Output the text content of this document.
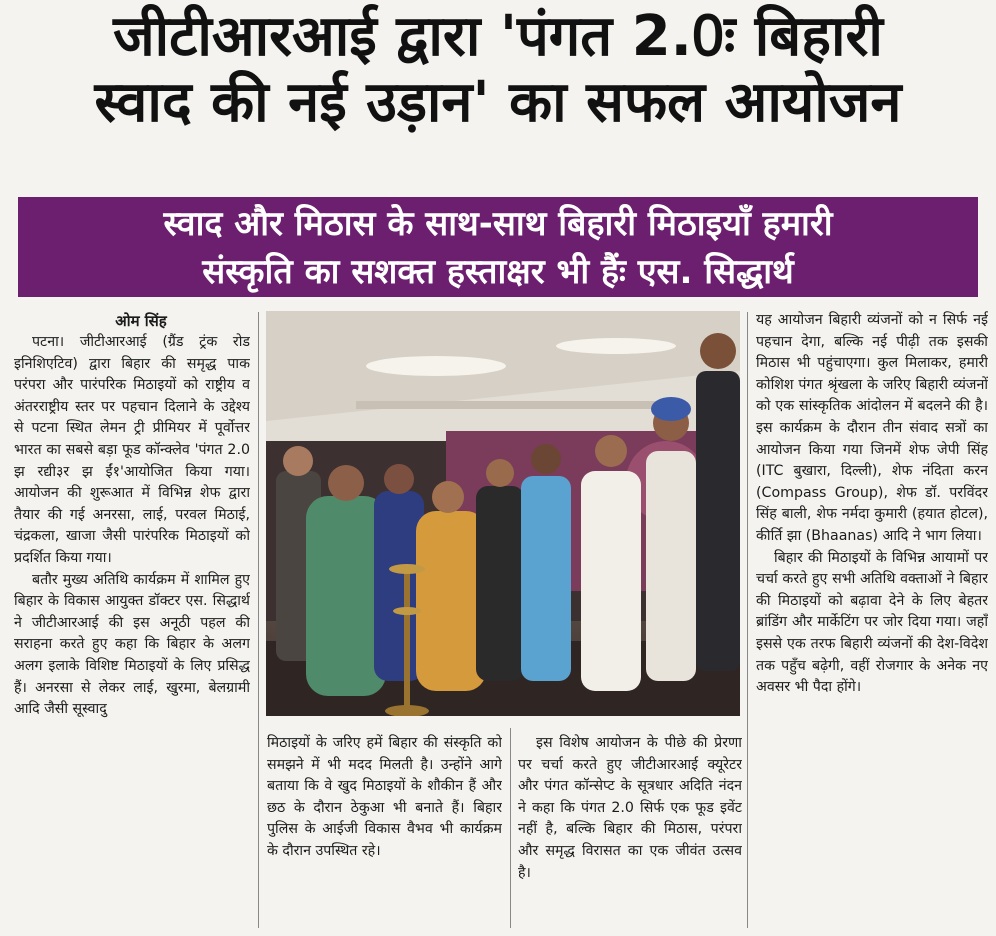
जीटीआरआई द्वारा 'पंगत 2.0ः बिहारी
स्वाद की नई उड़ान' का सफल आयोजन
स्वाद और मिठास के साथ-साथ बिहारी मिठाइयाँ हमारी
संस्कृति का सशक्त हस्ताक्षर भी हैंः एस. सिद्धार्थ

ओम सिंह

पटना। जीटीआरआई (ग्रैंड ट्रंक रोड इनिशिएटिव) द्वारा बिहार की समृद्ध पाक परंपरा और पारंपरिक मिठाइयों को राष्ट्रीय व अंतरराष्ट्रीय स्तर पर पहचान दिलाने के उद्देश्य से पटना स्थित लेमन ट्री प्रीमियर में पूर्वोत्तर भारत का सबसे बड़ा फूड कॉन्क्लेव 'पंगत 2.0 झ रद्यी३र झ ईं१'आयोजित किया गया। आयोजन की शुरूआत में विभिन्न शेफ द्वारा तैयार की गई अनरसा, लाई, परवल मिठाई, चंद्रकला, खाजा जैसी पारंपरिक मिठाइयों को प्रदर्शित किया गया।

बतौर मुख्य अतिथि कार्यक्रम में शामिल हुए बिहार के विकास आयुक्त डॉक्टर एस. सिद्धार्थ ने जीटीआरआई की इस अनूठी पहल की सराहना करते हुए कहा कि बिहार के अलग अलग इलाके विशिष्ट मिठाइयों के लिए प्रसिद्ध हैं। अनरसा से लेकर लाई, खुरमा, बेलग्रामी आदि जैसी सूस्वादु

मिठाइयों के जरिए हमें बिहार की संस्कृति को समझने में भी मदद मिलती है। उन्होंने आगे बताया कि वे खुद मिठाइयों के शौकीन हैं और छठ के दौरान ठेकुआ भी बनाते हैं। बिहार पुलिस के आईजी विकास वैभव भी कार्यक्रम के दौरान उपस्थित रहे।

इस विशेष आयोजन के पीछे की प्रेरणा पर चर्चा करते हुए जीटीआरआई क्यूरेटर और पंगत कॉन्सेप्ट के सूत्रधार अदिति नंदन ने कहा कि पंगत 2.0 सिर्फ एक फूड इवेंट नहीं है, बल्कि बिहार की मिठास, परंपरा और समृद्ध विरासत का एक जीवंत उत्सव है।

यह आयोजन बिहारी व्यंजनों को न सिर्फ नई पहचान देगा, बल्कि नई पीढ़ी तक इसकी मिठास भी पहुंचाएगा। कुल मिलाकर, हमारी कोशिश पंगत श्रृंखला के जरिए बिहारी व्यंजनों को एक सांस्कृतिक आंदोलन में बदलने की है। इस कार्यक्रम के दौरान तीन संवाद सत्रों का आयोजन किया गया जिनमें शेफ जेपी सिंह (ITC बुखारा, दिल्ली), शेफ नंदिता करन (Compass Group), शेफ डॉ. परविंदर सिंह बाली, शेफ नर्मदा कुमारी (हयात होटल), कीर्ति झा (Bhaanas) आदि ने भाग लिया।

बिहार की मिठाइयों के विभिन्न आयामों पर चर्चा करते हुए सभी अतिथि वक्ताओं ने बिहार की मिठाइयों को बढ़ावा देने के लिए बेहतर ब्रांडिंग और मार्केटिंग पर जोर दिया गया। जहाँ इससे एक तरफ बिहारी व्यंजनों की देश-विदेश तक पहुँच बढ़ेगी, वहीं रोजगार के अनेक नए अवसर भी पैदा होंगे।
